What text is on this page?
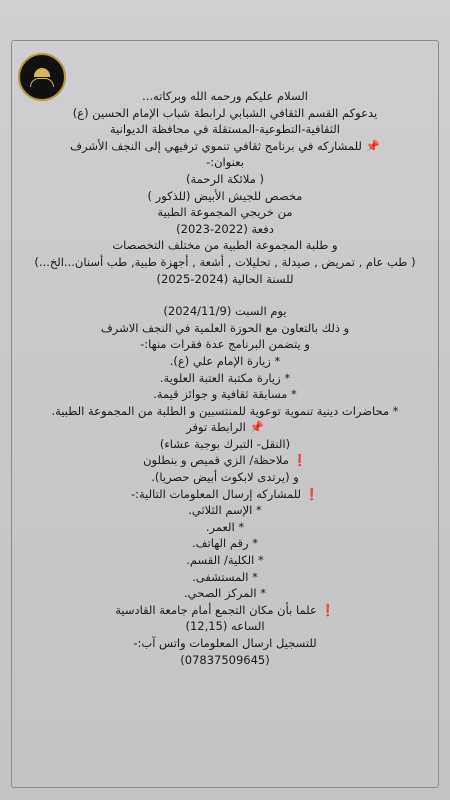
السلام عليكم ورحمه الله وبركاته...
يدعوكم القسم الثقافي الشبابي لرابطة شباب الإمام الحسين (ع)
الثقافية-التطوعية-المستقلة في محافظة الديوانية
📌 للمشاركه في برنامج ثقافي تنموي ترفيهي إلى النجف الأشرف
بعنوان:-
( ملائكة الرحمة)
مخصص للجيش الأبيض (للذكور )
من خريجي المجموعة الطبية
دفعة (2022-2023)
و طلبة المجموعة الطبية من مختلف التخصصات
( طب عام , تمريض , صيدلة , تحليلات , أشعة , أجهزة طبية, طب أسنان...الخ...)
للسنة الحالية (2024-2025)
يوم السبت (2024/11/9)
و ذلك بالتعاون مع الحوزة العلمية في النجف الاشرف
و يتضمن البرنامج عدة فقرات منها:-
* زيارة الإمام علي (ع).
* زيارة مكتبة العتبة العلوية.
* مسابقة ثقافية و جوائز قيمة.
* محاضرات دينية تنموية توعوية للمنتسبين و الطلبة من المجموعة الطبية.
📌 الرابطة توفر
(النقل- التبرك بوجبة عشاء)
❗ ملاحظة/ الزي قميص و بنطلون
و (يرتدى لابكوت أبيض حصريا).
❗ للمشاركه إرسال المعلومات التالية:-
* الإسم الثلاثي.
* العمر.
* رقم الهاتف.
* الكلية/ القسم.
* المستشفى.
* المركز الصحي.
❗ علما بأن مكان التجمع أمام جامعة القادسية
الساعه (12,15)
للتسجيل ارسال المعلومات واتس آب:-
(07837509645)
